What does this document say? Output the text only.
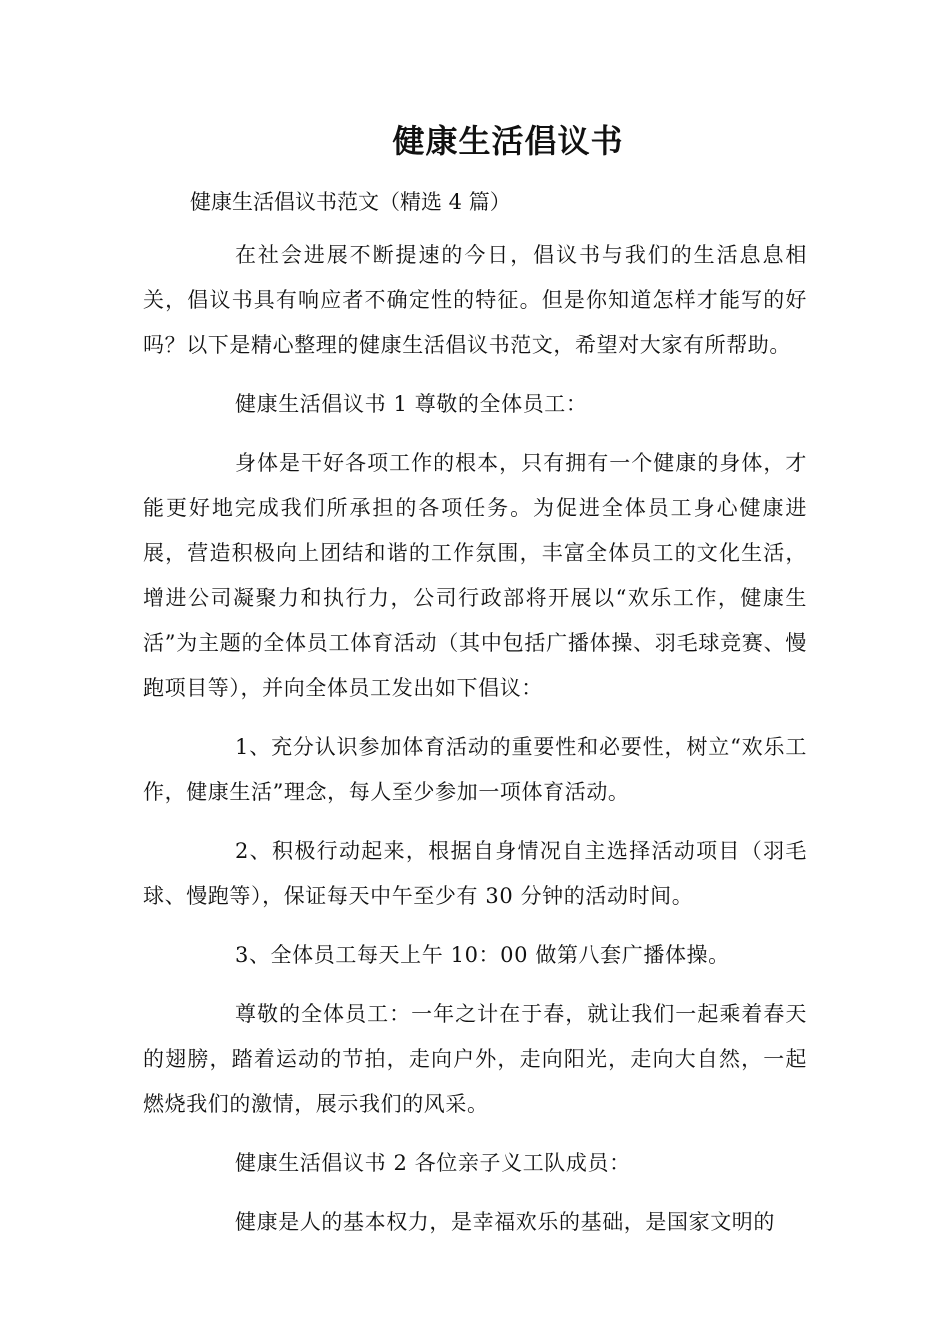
健康生活倡议书
健康生活倡议书范文（精选 4 篇）

在社会进展不断提速的今日，倡议书与我们的生活息息相关，倡议书具有响应者不确定性的特征。但是你知道怎样才能写的好吗？以下是精心整理的健康生活倡议书范文，希望对大家有所帮助。

健康生活倡议书 1 尊敬的全体员工：

身体是干好各项工作的根本，只有拥有一个健康的身体，才能更好地完成我们所承担的各项任务。为促进全体员工身心健康进展，营造积极向上团结和谐的工作氛围，丰富全体员工的文化生活，增进公司凝聚力和执行力，公司行政部将开展以“欢乐工作，健康生活”为主题的全体员工体育活动（其中包括广播体操、羽毛球竞赛、慢跑项目等），并向全体员工发出如下倡议：

1、充分认识参加体育活动的重要性和必要性，树立“欢乐工作，健康生活”理念，每人至少参加一项体育活动。

2、积极行动起来，根据自身情况自主选择活动项目（羽毛球、慢跑等），保证每天中午至少有 30 分钟的活动时间。

3、全体员工每天上午 10：00 做第八套广播体操。

尊敬的全体员工：一年之计在于春，就让我们一起乘着春天的翅膀，踏着运动的节拍，走向户外，走向阳光，走向大自然，一起燃烧我们的激情，展示我们的风采。

健康生活倡议书 2 各位亲子义工队成员：

健康是人的基本权力，是幸福欢乐的基础，是国家文明的
